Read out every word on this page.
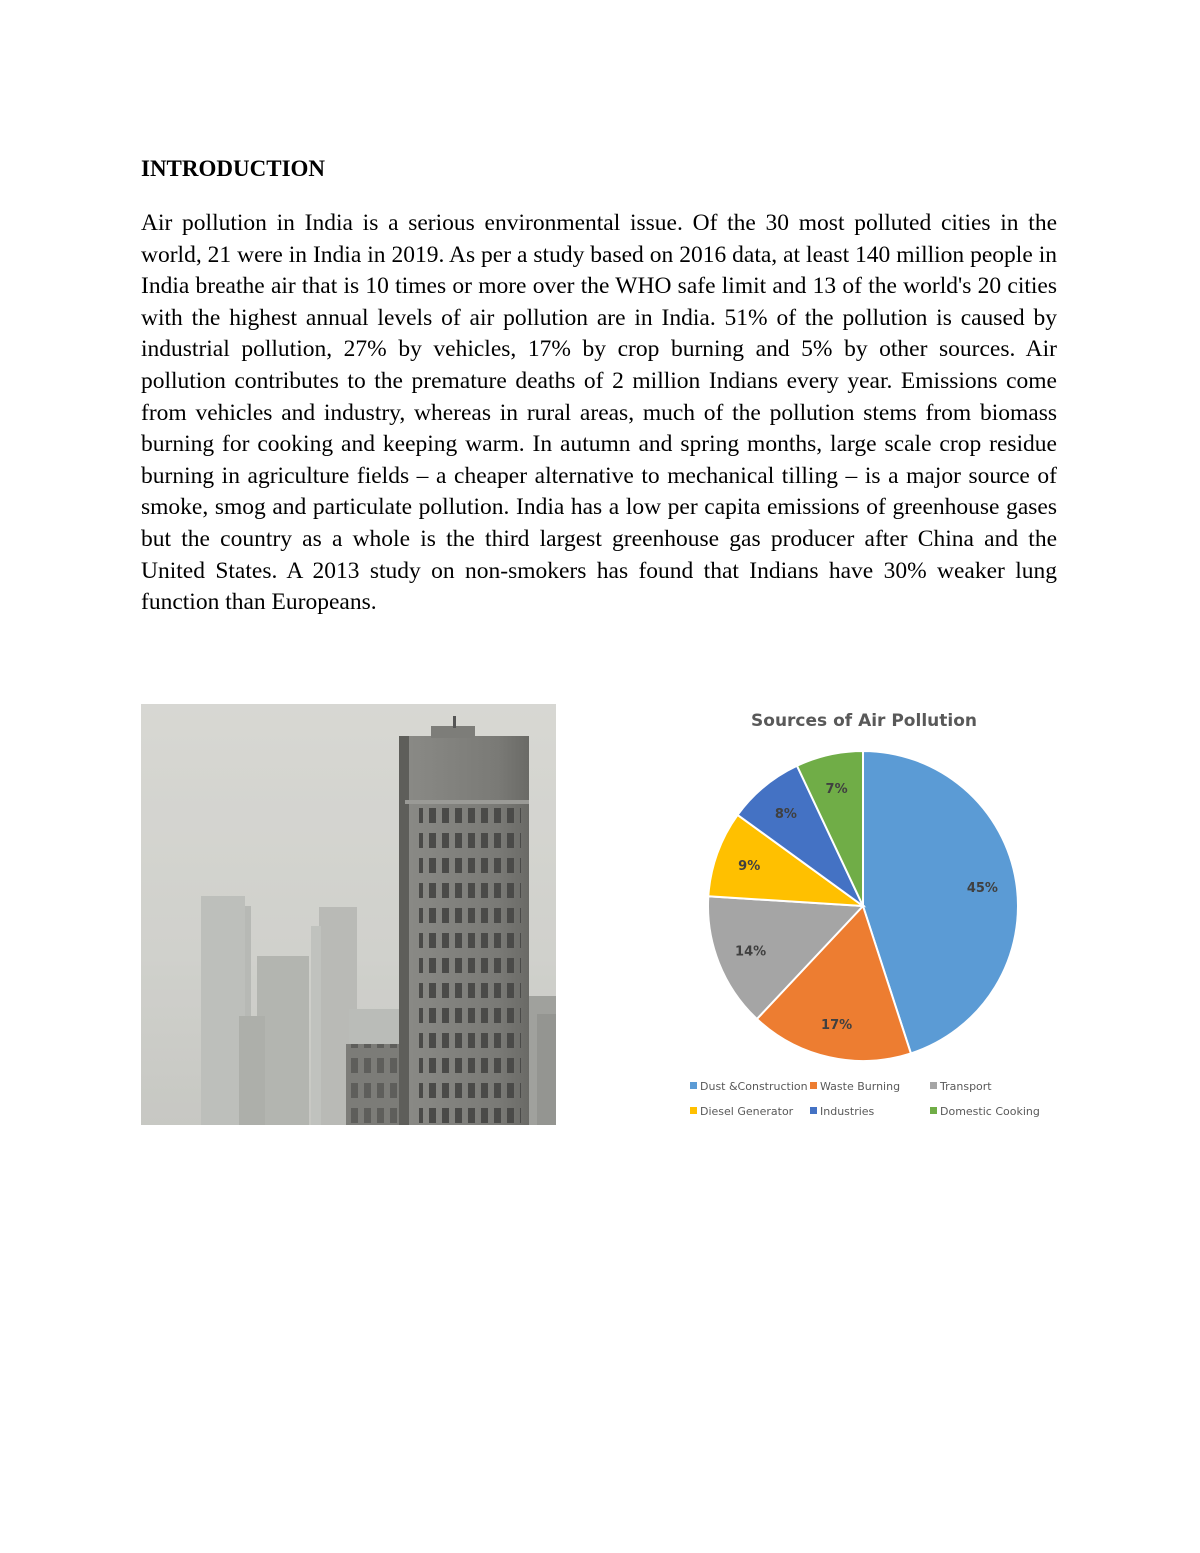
INTRODUCTION

Air pollution in India is a serious environmental issue. Of the 30 most polluted cities in the world, 21 were in India in 2019. As per a study based on 2016 data, at least 140 million people in India breathe air that is 10 times or more over the WHO safe limit and 13 of the world's 20 cities with the highest annual levels of air pollution are in India. 51% of the pollution is caused by industrial pollution, 27% by vehicles, 17% by crop burning and 5% by other sources. Air pollution contributes to the premature deaths of 2 million Indians every year. Emissions come from vehicles and industry, whereas in rural areas, much of the pollution stems from biomass burning for cooking and keeping warm. In autumn and spring months, large scale crop residue burning in agriculture fields – a cheaper alternative to mechanical tilling – is a major source of smoke, smog and particulate pollution. India has a low per capita emissions of greenhouse gases but the country as a whole is the third largest greenhouse gas producer after China and the United States. A 2013 study on non-smokers has found that Indians have 30% weaker lung function than Europeans.

Sources of Air Pollution
45%
17%
14%
9%
8%
7%
Dust &Construction Waste Burning	Transport
Diesel Generator Industries	Domestic Cooking
